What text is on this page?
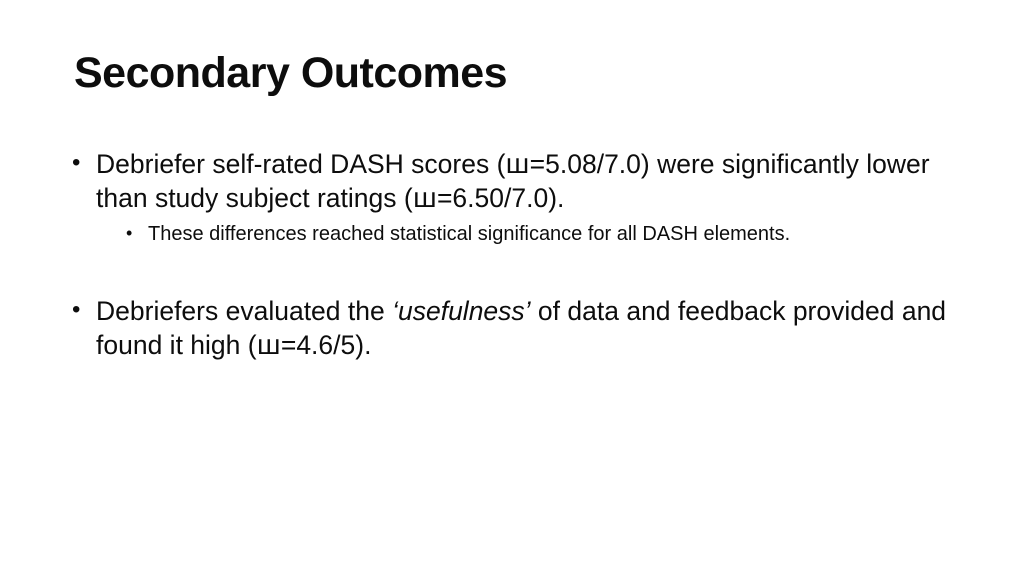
Secondary Outcomes
• Debriefer self-rated DASH scores (ꟺ=5.08/7.0) were significantly lower than study subject ratings (ꟺ=6.50/7.0).
• These differences reached statistical significance for all DASH elements.
• Debriefers evaluated the ‘usefulness’ of data and feedback provided and found it high (ꟺ=4.6/5).
